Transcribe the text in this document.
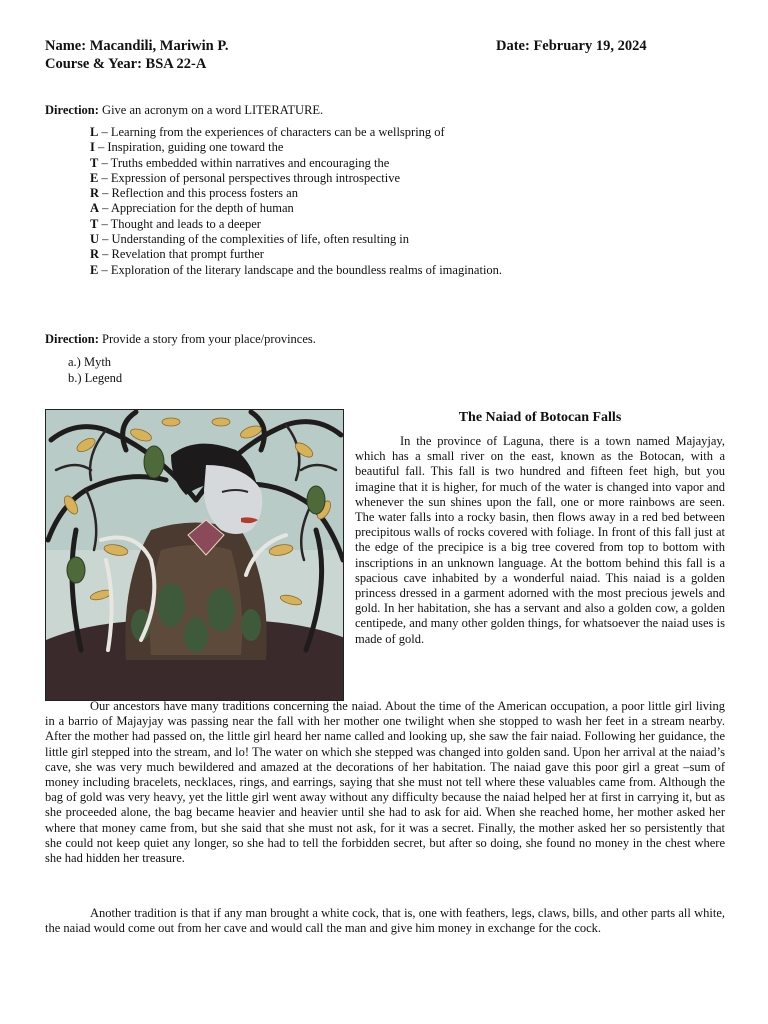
Name: Macandili, Mariwin P.	Date: February 19, 2024
Course & Year: BSA 22-A
Direction: Give an acronym on a word LITERATURE.
L – Learning from the experiences of characters can be a wellspring of
I – Inspiration, guiding one toward the
T – Truths embedded within narratives and encouraging the
E – Expression of personal perspectives through introspective
R – Reflection and this process fosters an
A – Appreciation for the depth of human
T – Thought and leads to a deeper
U – Understanding of the complexities of life, often resulting in
R – Revelation that prompt further
E – Exploration of the literary landscape and the boundless realms of imagination.
Direction: Provide a story from your place/provinces.
a.) Myth
b.) Legend
The Naiad of Botocan Falls

In the province of Laguna, there is a town named Majayjay, which has a small river on the east, known as the Botocan, with a beautiful fall. This fall is two hundred and fifteen feet high, but you imagine that it is higher, for much of the water is changed into vapor and whenever the sun shines upon the fall, one or more rainbows are seen. The water falls into a rocky basin, then flows away in a red bed between precipitous walls of rocks covered with foliage. In front of this fall just at the edge of the precipice is a big tree covered from top to bottom with inscriptions in an unknown language. At the bottom behind this fall is a spacious cave inhabited by a wonderful naiad. This naiad is a golden princess dressed in a garment adorned with the most precious jewels and gold. In her habitation, she has a servant and also a golden cow, a golden centipede, and many other golden things, for whatsoever the naiad uses is made of gold.

Our ancestors have many traditions concerning the naiad. About the time of the American occupation, a poor little girl living in a barrio of Majayjay was passing near the fall with her mother one twilight when she stopped to wash her feet in a stream nearby. After the mother had passed on, the little girl heard her name called and looking up, she saw the fair naiad. Following her guidance, the little girl stepped into the stream, and lo! The water on which she stepped was changed into golden sand. Upon her arrival at the naiad’s cave, she was very much bewildered and amazed at the decorations of her habitation. The naiad gave this poor girl a great –sum of money including bracelets, necklaces, rings, and earrings, saying that she must not tell where these valuables came from. Although the bag of gold was very heavy, yet the little girl went away without any difficulty because the naiad helped her at first in carrying it, but as she proceeded alone, the bag became heavier and heavier until she had to ask for aid. When she reached home, her mother asked her where that money came from, but she said that she must not ask, for it was a secret. Finally, the mother asked her so persistently that she could not keep quiet any longer, so she had to tell the forbidden secret, but after so doing, she found no money in the chest where she had hidden her treasure.

Another tradition is that if any man brought a white cock, that is, one with feathers, legs, claws, bills, and other parts all white, the naiad would come out from her cave and would call the man and give him money in exchange for the cock.
